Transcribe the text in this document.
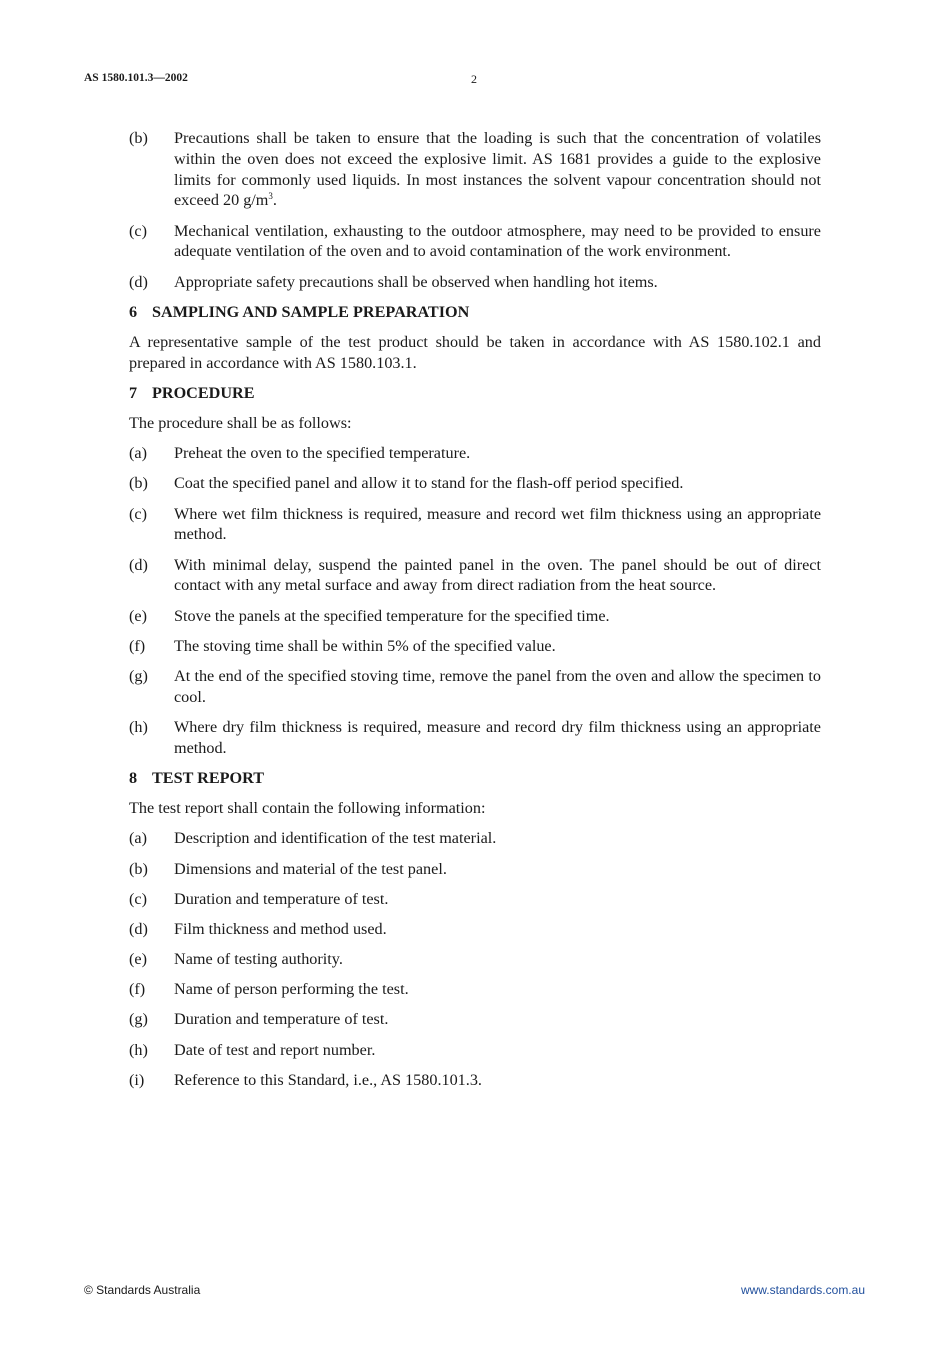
AS 1580.101.3—2002	2
(b) Precautions shall be taken to ensure that the loading is such that the concentration of volatiles within the oven does not exceed the explosive limit. AS 1681 provides a guide to the explosive limits for commonly used liquids. In most instances the solvent vapour concentration should not exceed 20 $g/m^3$.
(c) Mechanical ventilation, exhausting to the outdoor atmosphere, may need to be provided to ensure adequate ventilation of the oven and to avoid contamination of the work environment.
(d) Appropriate safety precautions shall be observed when handling hot items.
6 SAMPLING AND SAMPLE PREPARATION
A representative sample of the test product should be taken in accordance with AS 1580.102.1 and prepared in accordance with AS 1580.103.1.
7 PROCEDURE
The procedure shall be as follows:
(a) Preheat the oven to the specified temperature.
(b) Coat the specified panel and allow it to stand for the flash-off period specified.
(c) Where wet film thickness is required, measure and record wet film thickness using an appropriate method.
(d) With minimal delay, suspend the painted panel in the oven. The panel should be out of direct contact with any metal surface and away from direct radiation from the heat source.
(e) Stove the panels at the specified temperature for the specified time.
(f) The stoving time shall be within 5% of the specified value.
(g) At the end of the specified stoving time, remove the panel from the oven and allow the specimen to cool.
(h) Where dry film thickness is required, measure and record dry film thickness using an appropriate method.
8 TEST REPORT
The test report shall contain the following information:
(a) Description and identification of the test material.
(b) Dimensions and material of the test panel.
(c) Duration and temperature of test.
(d) Film thickness and method used.
(e) Name of testing authority.
(f) Name of person performing the test.
(g) Duration and temperature of test.
(h) Date of test and report number.
(i) Reference to this Standard, i.e., AS 1580.101.3.
© Standards Australia	www.standards.com.au
